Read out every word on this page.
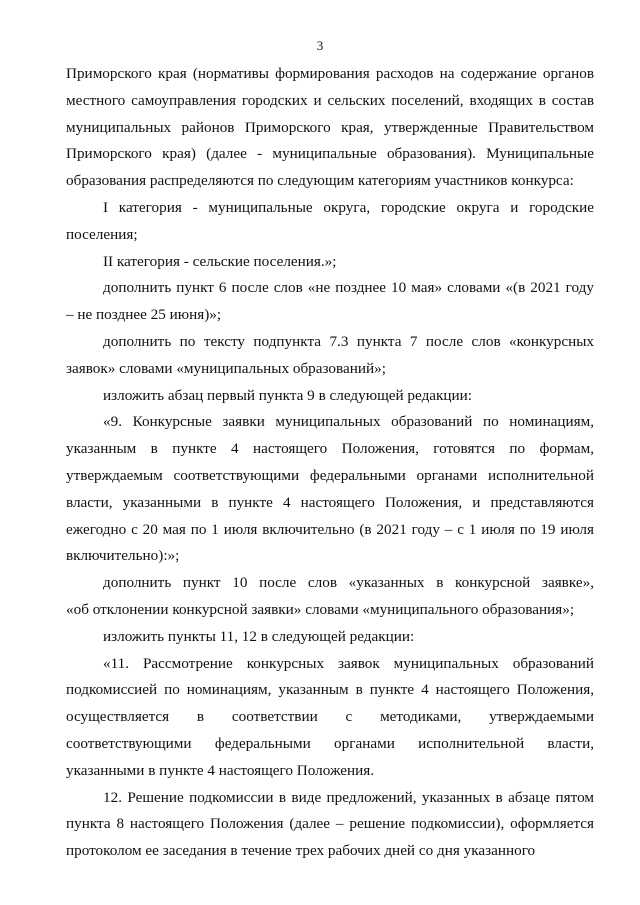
3

Приморского края (нормативы формирования расходов на содержание органов
местного самоуправления городских и сельских поселений, входящих в состав
муниципальных районов Приморского края, утвержденные Правительством
Приморского края) (далее - муниципальные образования). Муниципальные
образования распределяются по следующим категориям участников конкурса:

I категория - муниципальные округа, городские округа и городские
поселения;

II категория - сельские поселения.»;

дополнить пункт 6 после слов «не позднее 10 мая» словами «(в 2021 году
– не позднее 25 июня)»;

дополнить по тексту подпункта 7.3 пункта 7 после слов «конкурсных
заявок» словами «муниципальных образований»;

изложить абзац первый пункта 9 в следующей редакции:

«9. Конкурсные заявки муниципальных образований по номинациям,
указанным в пункте 4 настоящего Положения, готовятся по формам,
утверждаемым соответствующими федеральными органами исполнительной
власти, указанными в пункте 4 настоящего Положения, и представляются
ежегодно с 20 мая по 1 июля включительно (в 2021 году – с 1 июля по 19 июля
включительно):»;

дополнить пункт 10 после слов «указанных в конкурсной заявке»,
«об отклонении конкурсной заявки» словами «муниципального образования»;

изложить пункты 11, 12 в следующей редакции:

«11. Рассмотрение конкурсных заявок муниципальных образований
подкомиссией по номинациям, указанным в пункте 4 настоящего Положения,
осуществляется в соответствии с методиками, утверждаемыми
соответствующими федеральными органами исполнительной власти,
указанными в пункте 4 настоящего Положения.

12. Решение подкомиссии в виде предложений, указанных в абзаце пятом
пункта 8 настоящего Положения (далее – решение подкомиссии), оформляется
протоколом ее заседания в течение трех рабочих дней со дня указанного
